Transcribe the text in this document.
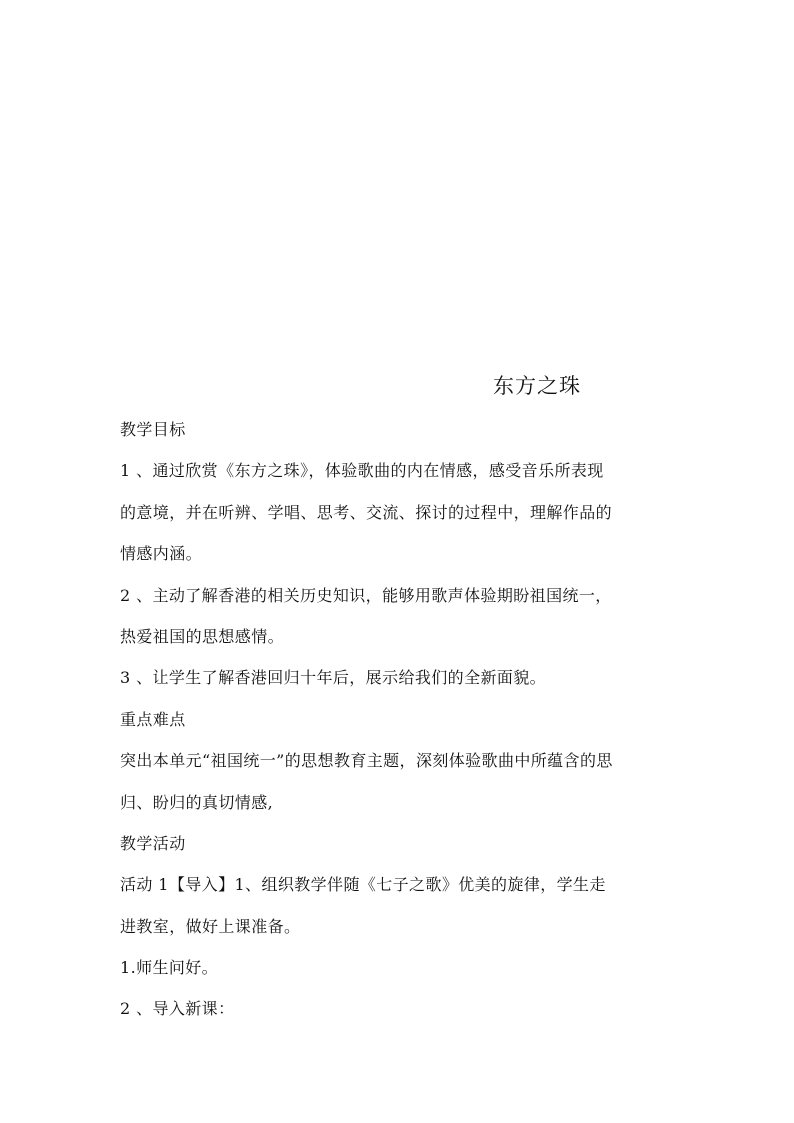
东方之珠

教学目标

1 、通过欣赏《东方之珠》，体验歌曲的内在情感，感受音乐所表现

的意境，并在听辨、学唱、思考、交流、探讨的过程中，理解作品的

情感内涵。

2 、主动了解香港的相关历史知识，能够用歌声体验期盼祖国统一，

热爱祖国的思想感情。

3 、让学生了解香港回归十年后，展示给我们的全新面貌。

重点难点

突出本单元“祖国统一”的思想教育主题，深刻体验歌曲中所蕴含的思

归、盼归的真切情感,

教学活动

活动 1【导入】1、组织教学伴随《七子之歌》优美的旋律，学生走

进教室，做好上课准备。

1.师生问好。

2 、导入新课：
